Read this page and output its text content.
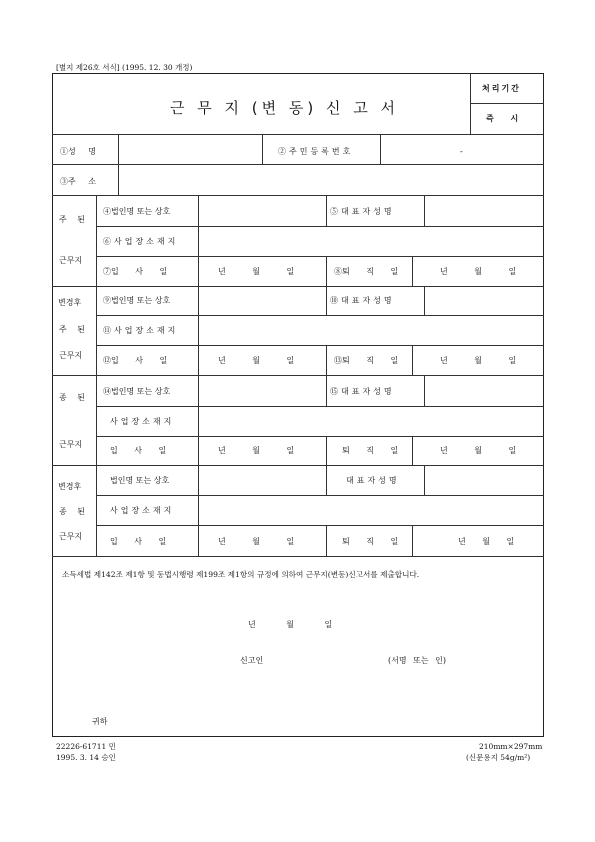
[별지 제26호 서식] (1995. 12. 30 개정)
근 무 지 (변 동) 신 고 서
처리기간
즉 시
①성 명	②주민등록번호	-
③주 소
주 된
근무지
④법인명 또는 상호	⑤대표자성명
⑥사업장소재지
⑦입 사 일	년 월 일	⑧퇴 직 일	년 월 일
변경후
주 된
근무지
⑨법인명 또는 상호	⑩대표자성명
⑪사업장소재지
⑫입 사 일	년 월 일	⑬퇴 직 일	년 월 일
종 된
근무지
⑭법인명 또는 상호	⑮대표자성명
사업장소재지
입 사 일	년 월 일	퇴 직 일	년 월 일
변경후
종 된
근무지
법인명 또는 상호	대표자성명
사업장소재지
입 사 일	년 월 일	퇴 직 일	년 월 일
소득세법 제142조 제1항 및 동법시행령 제199조 제1항의 규정에 의하여 근무지(변동)신고서를 제출합니다.
년 월 일
신고인	(서명 또는 인)
귀하
22226-61711 민
1995. 3. 14 승인
210mm×297mm
(신문용지 54g/m²)
